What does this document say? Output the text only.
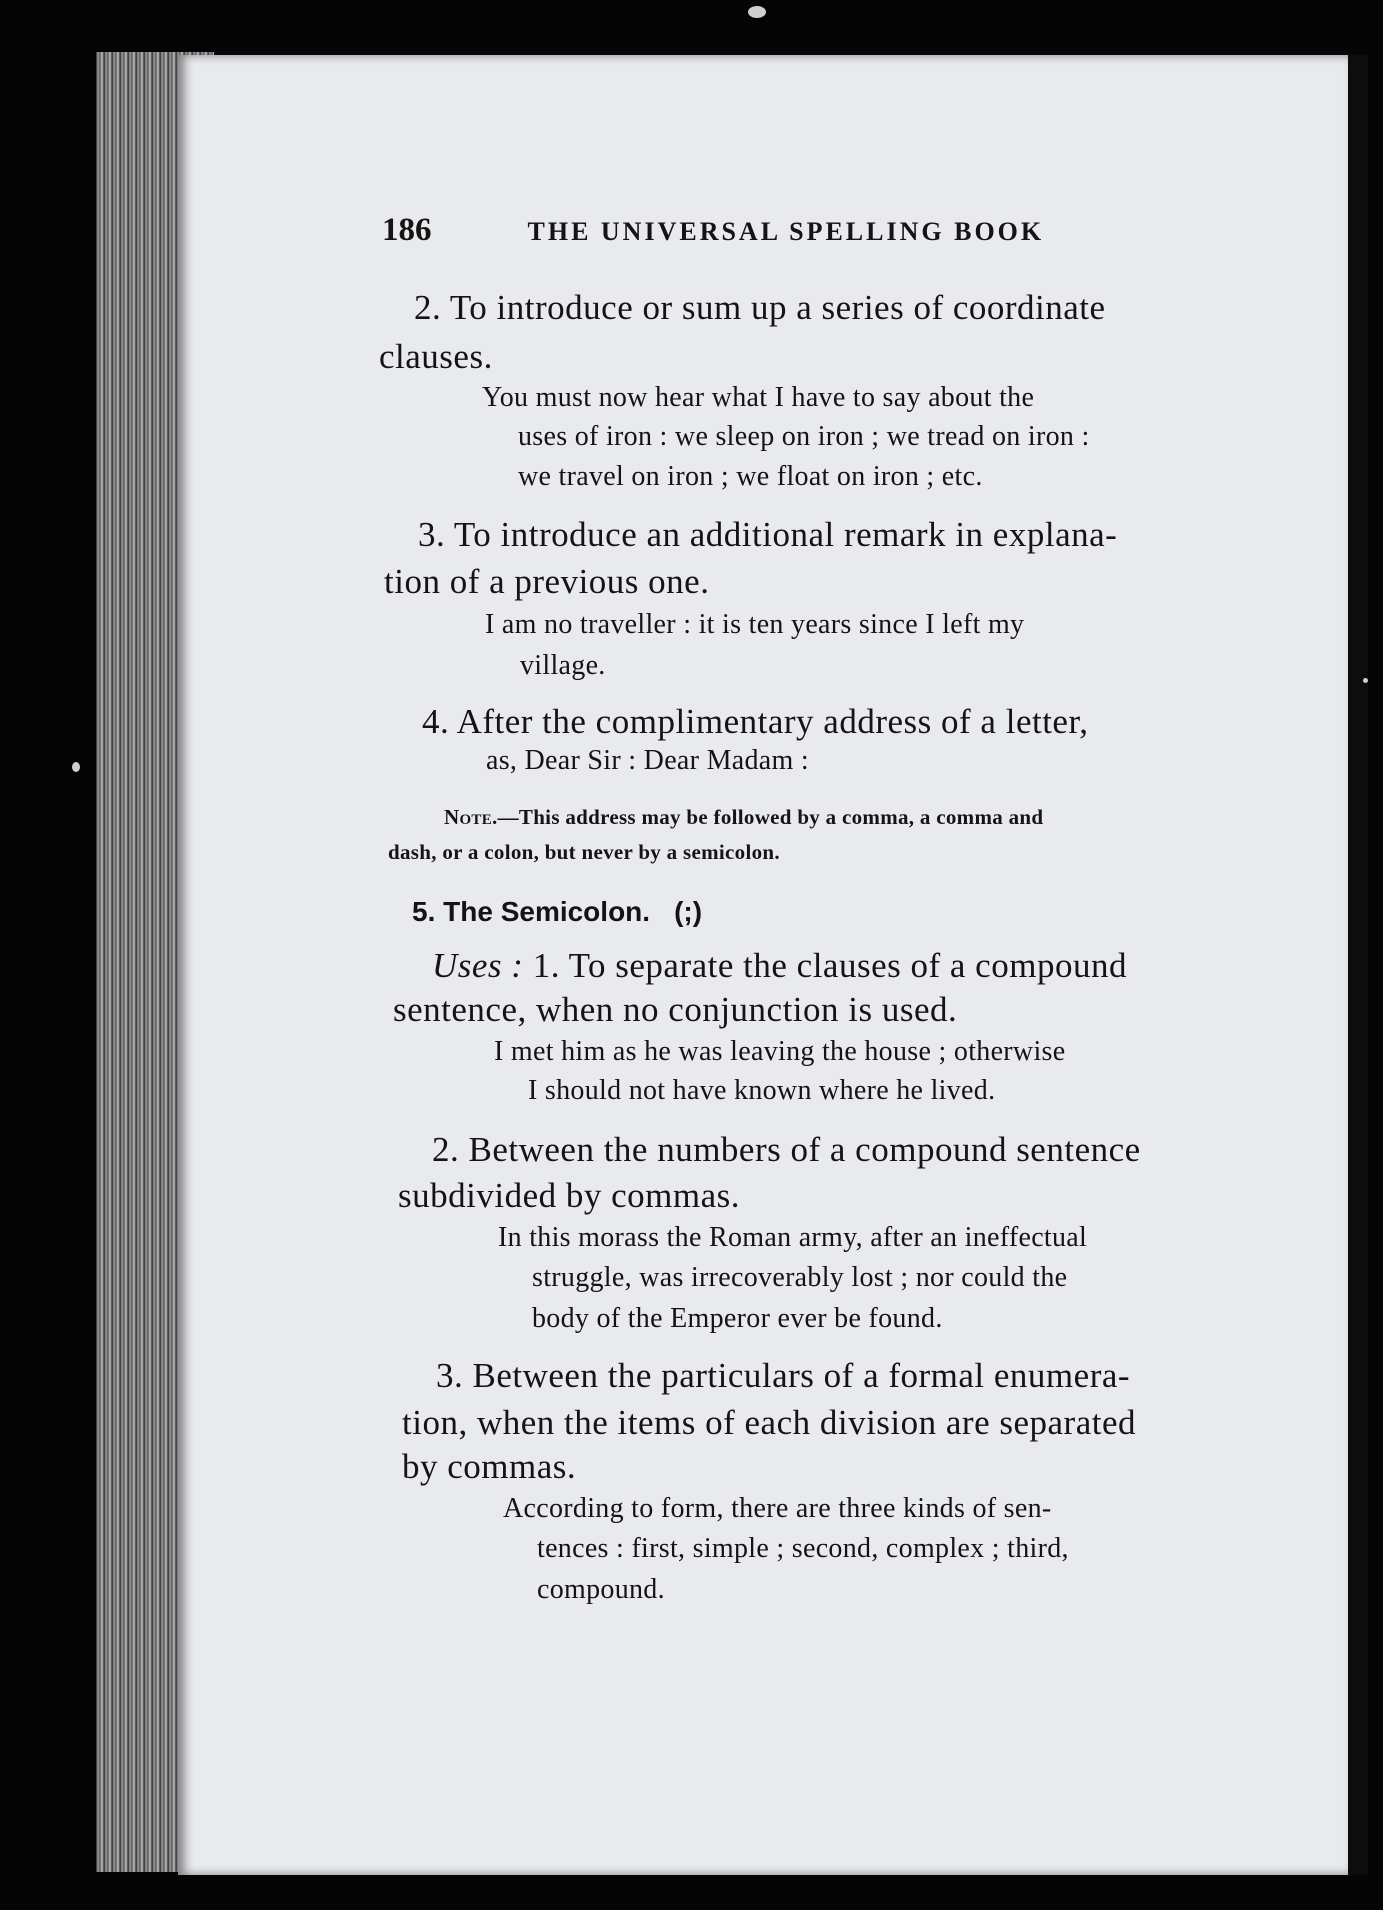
186	THE UNIVERSAL SPELLING BOOK
2. To introduce or sum up a series of coordinate
clauses.
You must now hear what I have to say about the
uses of iron : we sleep on iron ; we tread on iron :
we travel on iron ; we float on iron ; etc.
3. To introduce an additional remark in explana-
tion of a previous one.
I am no traveller : it is ten years since I left my
village.
4. After the complimentary address of a letter,
as, Dear Sir : Dear Madam :
Note.—This address may be followed by a comma, a comma and
dash, or a colon, but never by a semicolon.
5. The Semicolon. (;)
Uses : 1. To separate the clauses of a compound
sentence, when no conjunction is used.
I met him as he was leaving the house ; otherwise
I should not have known where he lived.
2. Between the numbers of a compound sentence
subdivided by commas.
In this morass the Roman army, after an ineffectual
struggle, was irrecoverably lost ; nor could the
body of the Emperor ever be found.
3. Between the particulars of a formal enumera-
tion, when the items of each division are separated
by commas.
According to form, there are three kinds of sen-
tences : first, simple ; second, complex ; third,
compound.
